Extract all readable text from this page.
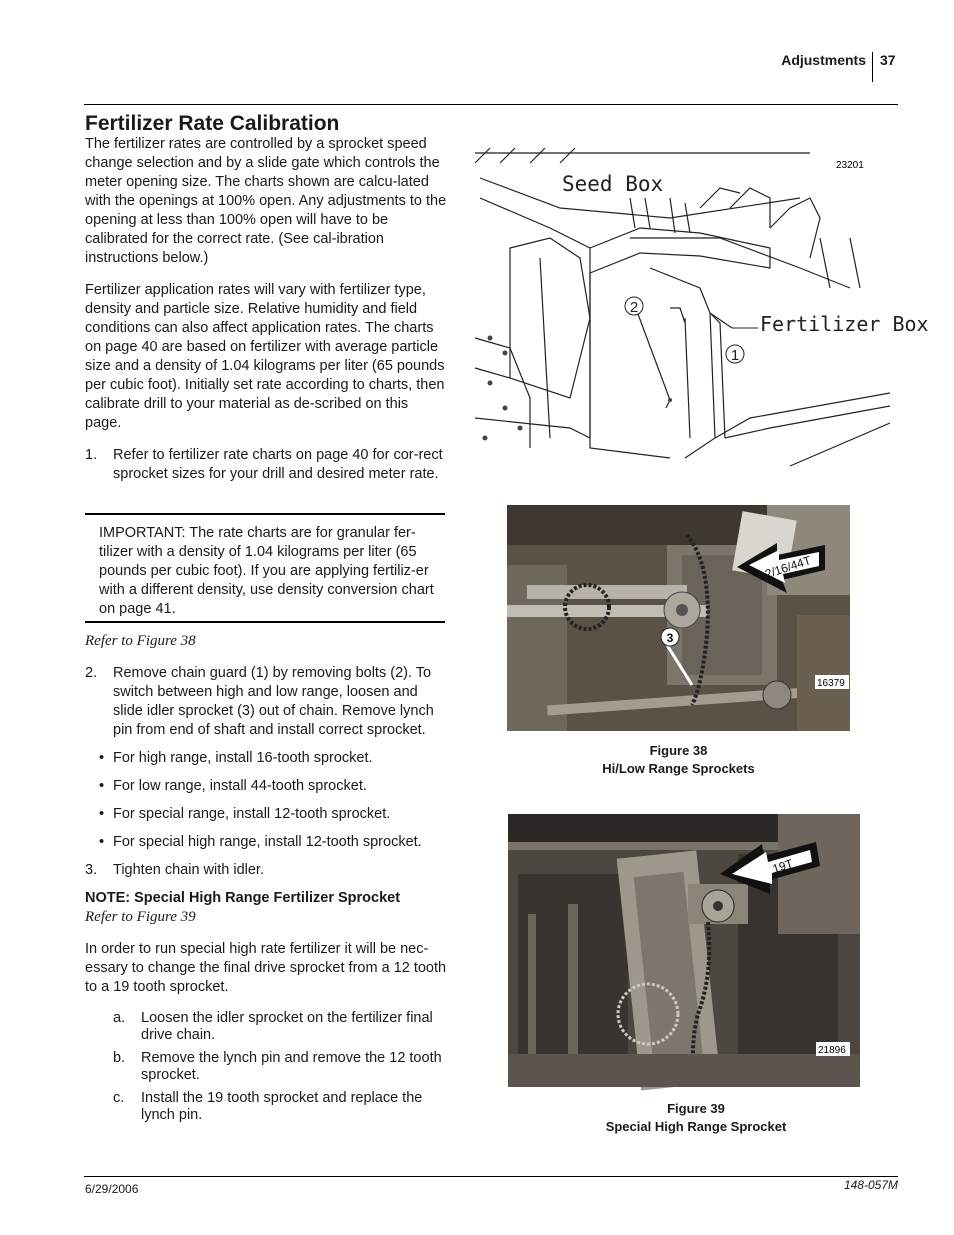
Adjustments 37
Fertilizer Rate Calibration

The fertilizer rates are controlled by a sprocket speed change selection and by a slide gate which controls the meter opening size. The charts shown are calcu-lated with the openings at 100% open. Any adjustments to the opening at less than 100% open will have to be calibrated for the correct rate. (See cal-ibration instructions below.)

Fertilizer application rates will vary with fertilizer type, density and particle size. Relative humidity and field conditions can also affect application rates. The charts on page 40 are based on fertilizer with average particle size and a density of 1.04 kilograms per liter (65 pounds per cubic foot). Initially set rate according to charts, then calibrate drill to your material as de-scribed on this page.

1. Refer to fertilizer rate charts on page 40 for cor-rect sprocket sizes for your drill and desired meter rate.

IMPORTANT: The rate charts are for granular fer-tilizer with a density of 1.04 kilograms per liter (65 pounds per cubic foot). If you are applying fertiliz-er with a different density, use density conversion chart on page 41.

Refer to Figure 38
2. Remove chain guard (1) by removing bolts (2). To switch between high and low range, loosen and slide idler sprocket (3) out of chain. Remove lynch pin from end of shaft and install correct sprocket.
• For high range, install 16-tooth sprocket.
• For low range, install 44-tooth sprocket.
• For special range, install 12-tooth sprocket.
• For special high range, install 12-tooth sprocket.
3. Tighten chain with idler.
NOTE: Special High Range Fertilizer Sprocket
Refer to Figure 39

In order to run special high rate fertilizer it will be nec-essary to change the final drive sprocket from a 12 tooth to a 19 tooth sprocket.

a. Loosen the idler sprocket on the fertilizer final drive chain.
b. Remove the lynch pin and remove the 12 tooth sprocket.
c. Install the 19 tooth sprocket and replace the lynch pin.
Seed Box
Fertilizer Box
2
1
23201
12/16/44T
3
16379
Figure 38
Hi/Low Range Sprockets
19T
21896
Figure 39
Special High Range Sprocket
6/29/2006	148-057M
